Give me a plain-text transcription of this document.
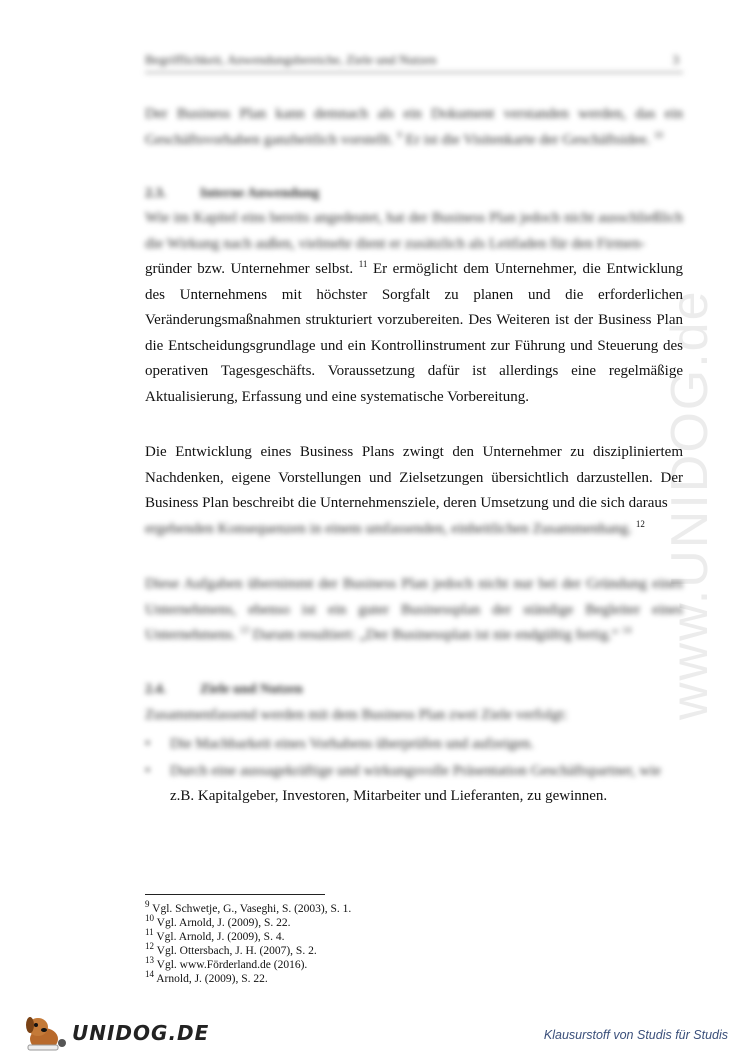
www.UNIDOG.de
Begrifflichkeit, Anwendungsbereiche, Ziele und Nutzen	3

Der Business Plan kann demnach als ein Dokument verstanden werden, das ein Geschäftsvorhaben ganzheitlich vorstellt. $^9$ Er ist die Visitenkarte der Geschäftsidee. $^{10}$

2.3. Interne Anwendung

Wie im Kapitel eins bereits angedeutet, hat der Business Plan jedoch nicht ausschließlich die Wirkung nach außen, vielmehr dient er zusätzlich als Leitfaden für den Firmen-

gründer bzw. Unternehmer selbst. $^{11}$ Er ermöglicht dem Unternehmer, die Entwicklung des Unternehmens mit höchster Sorgfalt zu planen und die erforderlichen Veränderungsmaßnahmen strukturiert vorzubereiten. Des Weiteren ist der Business Plan die Entscheidungsgrundlage und ein Kontrollinstrument zur Führung und Steuerung des operativen Tagesgeschäfts. Voraussetzung dafür ist allerdings eine regelmäßige Aktualisierung, Erfassung und eine systematische Vorbereitung.

Die Entwicklung eines Business Plans zwingt den Unternehmer zu diszipliniertem Nachdenken, eigene Vorstellungen und Zielsetzungen übersichtlich darzustellen. Der Business Plan beschreibt die Unternehmensziele, deren Umsetzung und die sich daraus

ergebenden Konsequenzen in einem umfassenden, einheitlichen Zusammenhang. $^{12}$

Diese Aufgaben übernimmt der Business Plan jedoch nicht nur bei der Gründung eines Unternehmens, ebenso ist ein guter Businessplan der ständige Begleiter eines Unternehmens. $^{13}$ Darum resultiert: „Der Businessplan ist nie endgültig fertig.“ $^{14}$

2.4. Ziele und Nutzen

Zusammenfassend werden mit dem Business Plan zwei Ziele verfolgt:

• Die Machbarkeit eines Vorhabens überprüfen und aufzeigen.
• Durch eine aussagekräftige und wirkungsvolle Präsentation Geschäftspartner, wie
z.B. Kapitalgeber, Investoren, Mitarbeiter und Lieferanten, zu gewinnen.
$^9$ Vgl. Schwetje, G., Vaseghi, S. (2003), S. 1.
$^{10}$ Vgl. Arnold, J. (2009), S. 22.
$^{11}$ Vgl. Arnold, J. (2009), S. 4.
$^{12}$ Vgl. Ottersbach, J. H. (2007), S. 2.
$^{13}$ Vgl. www.Förderland.de (2016).
$^{14}$ Arnold, J. (2009), S. 22.
UNIDOG.DE	Klausurstoff von Studis für Studis
